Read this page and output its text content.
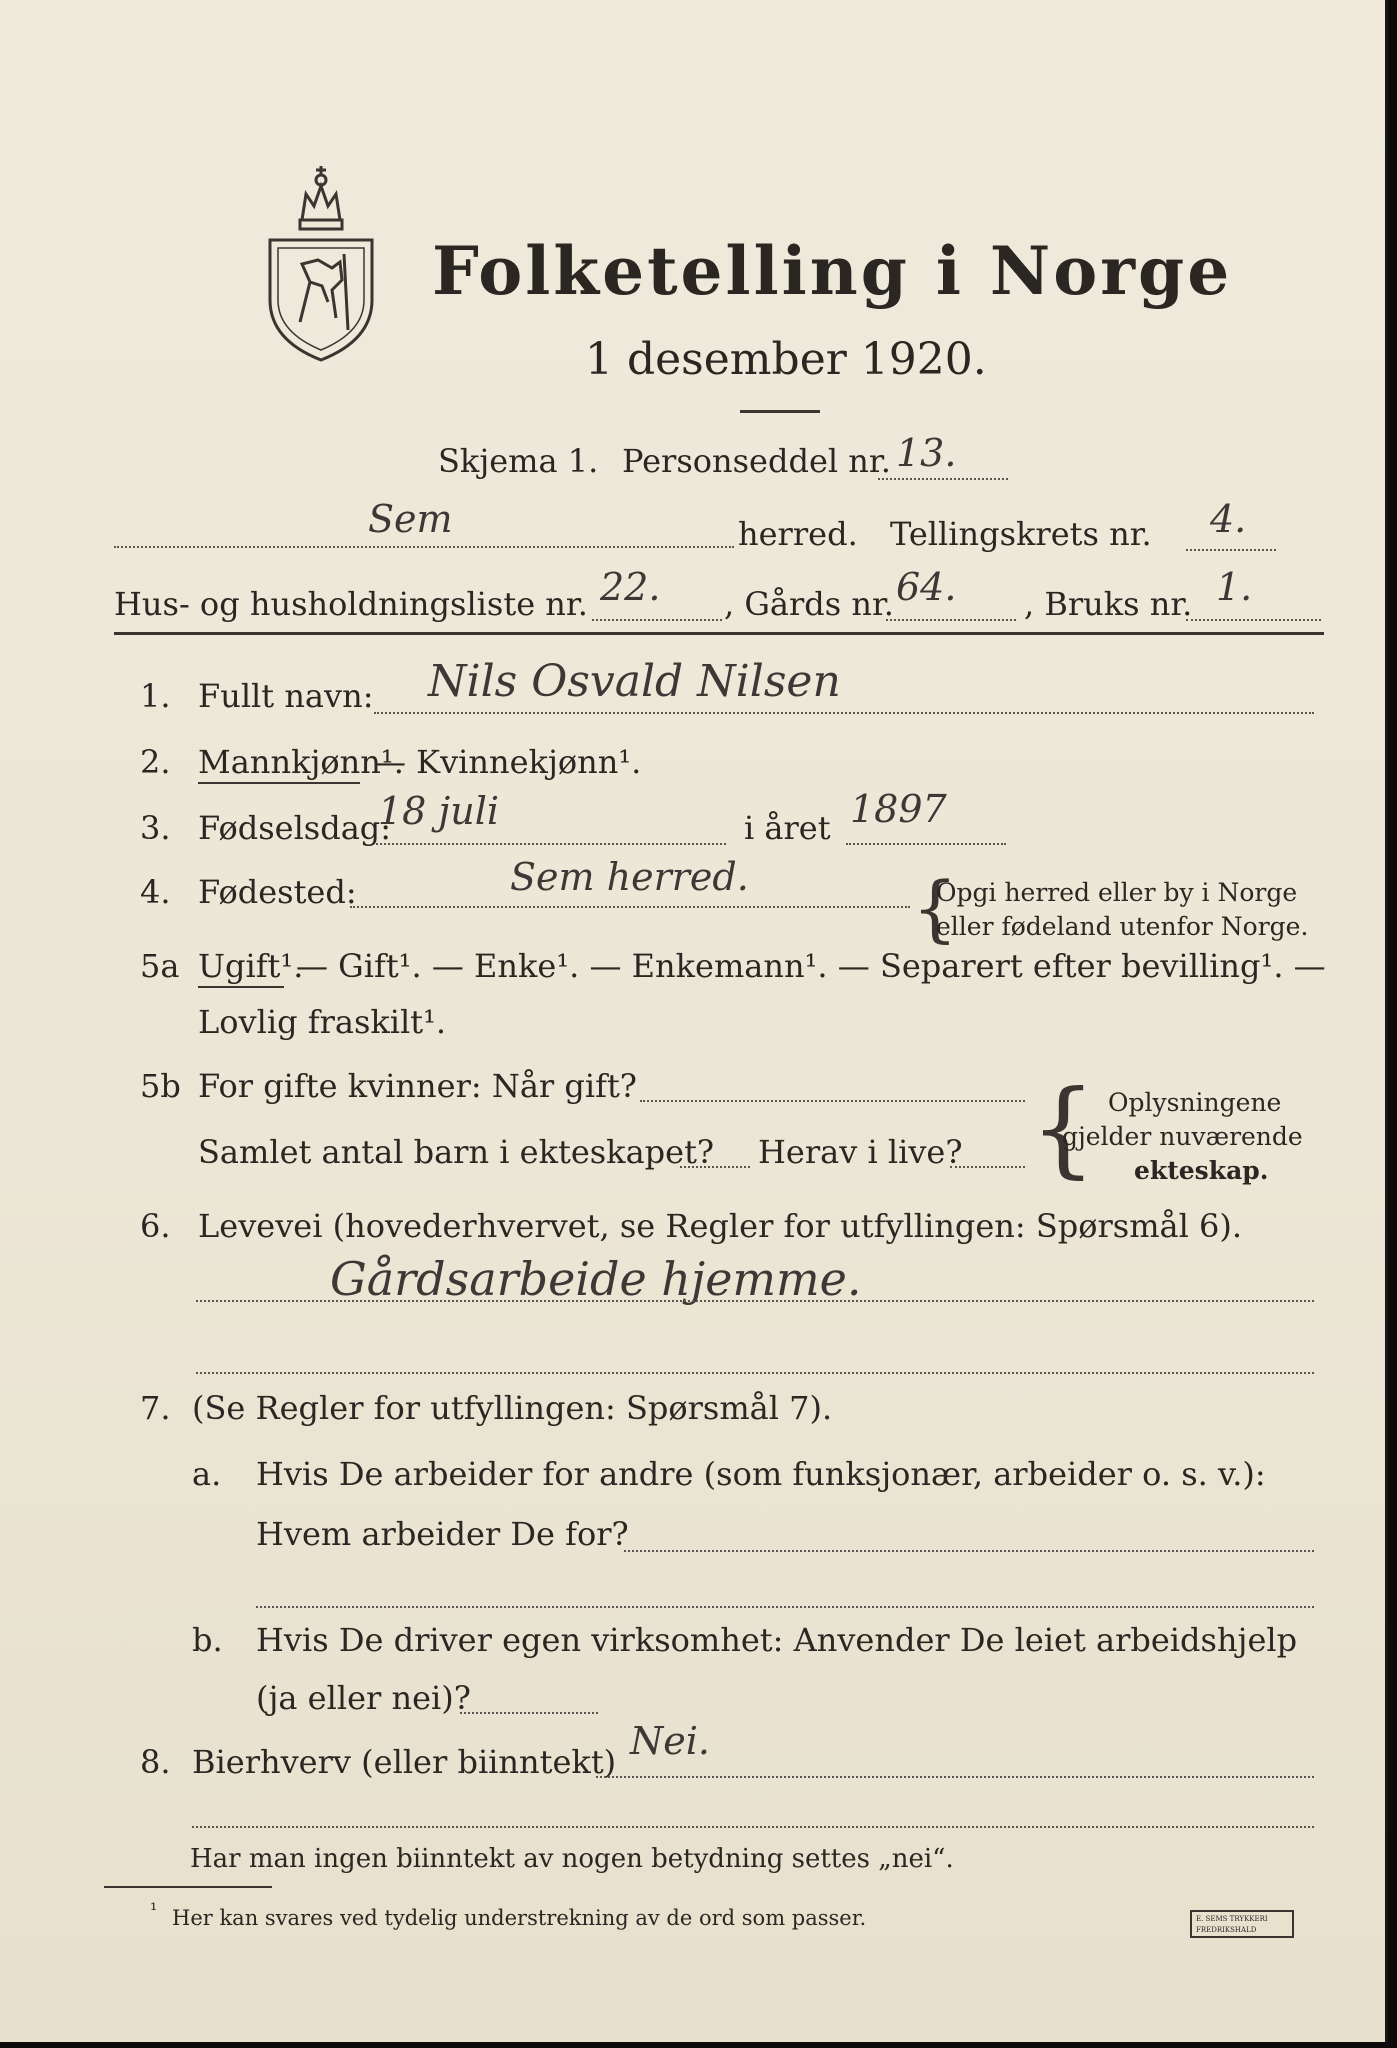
Folketelling i Norge
1 desember 1920.
Skjema 1. Personseddel nr. 13.
Sem	herred. Tellingskrets nr. 4.
Hus- og husholdningsliste nr. 22. , Gårds nr. 64. , Bruks nr. 1.
1. Fullt navn: Nils Osvald Nilsen
2. Mannkjønn¹.
— Kvinnekjønn¹.
3. Fødselsdag:
18 juli	i året 1897
4. Fødested:	Sem herred. {
Opgi herred eller by i Norge
eller fødeland utenfor Norge.
5a Ugift¹.
— Gift¹. — Enke¹. — Enkemann¹. — Separert efter bevilling¹. —
Lovlig fraskilt¹.
5b For gifte kvinner: Når gift?
Samlet antal barn i ekteskapet? Herav i live? { Oplysningene
gjelder nuværende
ekteskap.
6. Levevei (hovederhvervet, se Regler for utfyllingen: Spørsmål 6).
Gårdsarbeide hjemme.
7. (Se Regler for utfyllingen: Spørsmål 7).
a. Hvis De arbeider for andre (som funksjonær, arbeider o. s. v.):
Hvem arbeider De for?
b. Hvis De driver egen virksomhet: Anvender De leiet arbeidshjelp
(ja eller nei)?
8. Bierhverv (eller biinntekt) Nei.
Har man ingen biinntekt av nogen betydning settes „nei“.
¹ Her kan svares ved tydelig understrekning av de ord som passer.	E. SEMS TRYKKERI FREDRIKSHALD
